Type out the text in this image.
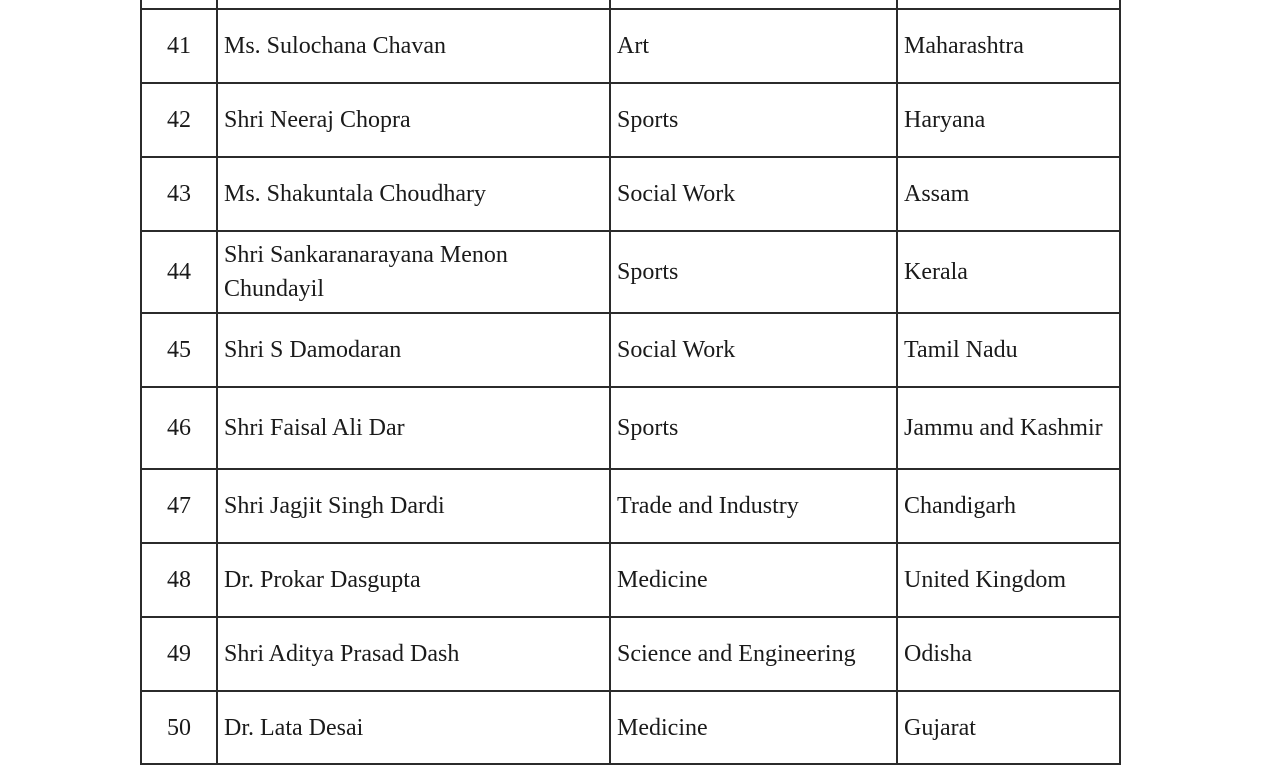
41	Ms. Sulochana Chavan	Art	Maharashtra
42	Shri Neeraj Chopra	Sports	Haryana
43	Ms. Shakuntala Choudhary	Social Work	Assam
44	Shri Sankaranarayana Menon Chundayil	Sports	Kerala
45	Shri S Damodaran	Social Work	Tamil Nadu
46	Shri Faisal Ali Dar	Sports	Jammu and Kashmir
47	Shri Jagjit Singh Dardi	Trade and Industry	Chandigarh
48	Dr. Prokar Dasgupta	Medicine	United Kingdom
49	Shri Aditya Prasad Dash	Science and Engineering	Odisha
50	Dr. Lata Desai	Medicine	Gujarat
